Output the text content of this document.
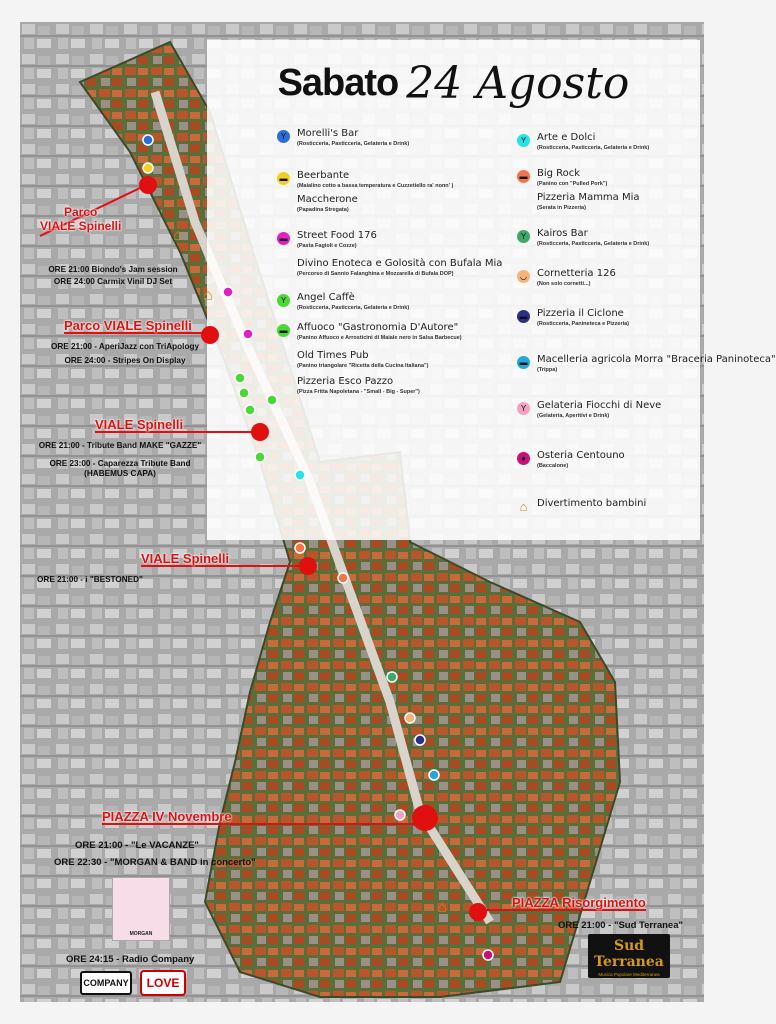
Sabato 24 Agosto
Y	Morelli's Bar
(Rosticceria, Pasticceria, Gelateria e Drink)
▬ Beerbante
(Maialino cotto a bassa temperatura e Cuzzetiello ra' nonn' )
Maccherone
(Papadina Stregata)
▬ Street Food 176
(Pasta Fagioli e Cozze)
Divino Enoteca e Golosità con Bufala Mia
(Percorso di Sannio Falanghina e Mozzarella di Bufala DOP)
Y	Angel Caffè
(Rosticceria, Pasticceria, Gelateria e Drink)
▬ Affuoco "Gastronomia D'Autore"
(Panino Affuoco e Arrosticini di Maiale nero in Salsa Barbecue)
Old Times Pub
(Panino triangolare "Ricetta della Cucina Italiana")
Pizzeria Esco Pazzo
(Pizza Fritta Napoletana - "Small - Big - Super")
Y	Arte e Dolci
(Rosticceria, Pasticceria, Gelateria e Drink)
▬ Big Rock
(Panino con "Pulled Pork")
Pizzeria Mamma Mia
(Serata in Pizzeria)
Y	Kairos Bar
(Rosticceria, Pasticceria, Gelateria e Drink)
◡	Cornetteria 126
(Non solo cornetti...)
▬ Pizzeria il Ciclone
(Rosticceria, Panineteca e Pizzeria)
▬ Macelleria agricola Morra "Braceria Paninoteca"
(Trippa)
Y	Gelateria Fiocchi di Neve
(Gelateria, Aperitivi e Drink)
●	Osteria Centouno
(Baccalone)
⌂ Divertimento bambini
⌂
⌂
⌂
Parco
VIALE Spinelli
ORE 21:00 Biondo's Jam session
ORE 24:00 Carmix Vinil DJ Set
Parco VIALE Spinelli
ORE 21:00 - AperiJazz con TriApology
ORE 24:00 - Stripes On Display
VIALE Spinelli
ORE 21:00 - Tribute Band MAKE "GAZZE"
ORE 23:00 - Caparezza Tribute Band
(HABEMUS CAPA)
VIALE Spinelli
ORE 21:00 - i "BESTONED"
PIAZZA IV Novembre
ORE 21:00 - "Le VACANZE"
ORE 22:30 - "MORGAN & BAND in concerto"
ORE 24:15 - Radio Company
PIAZZA Risorgimento
ORE 21:00 - "Sud Terranea"
MORGAN
COMPANY	LOVE
Sud Terranea
Musica Popolare Mediterranea
